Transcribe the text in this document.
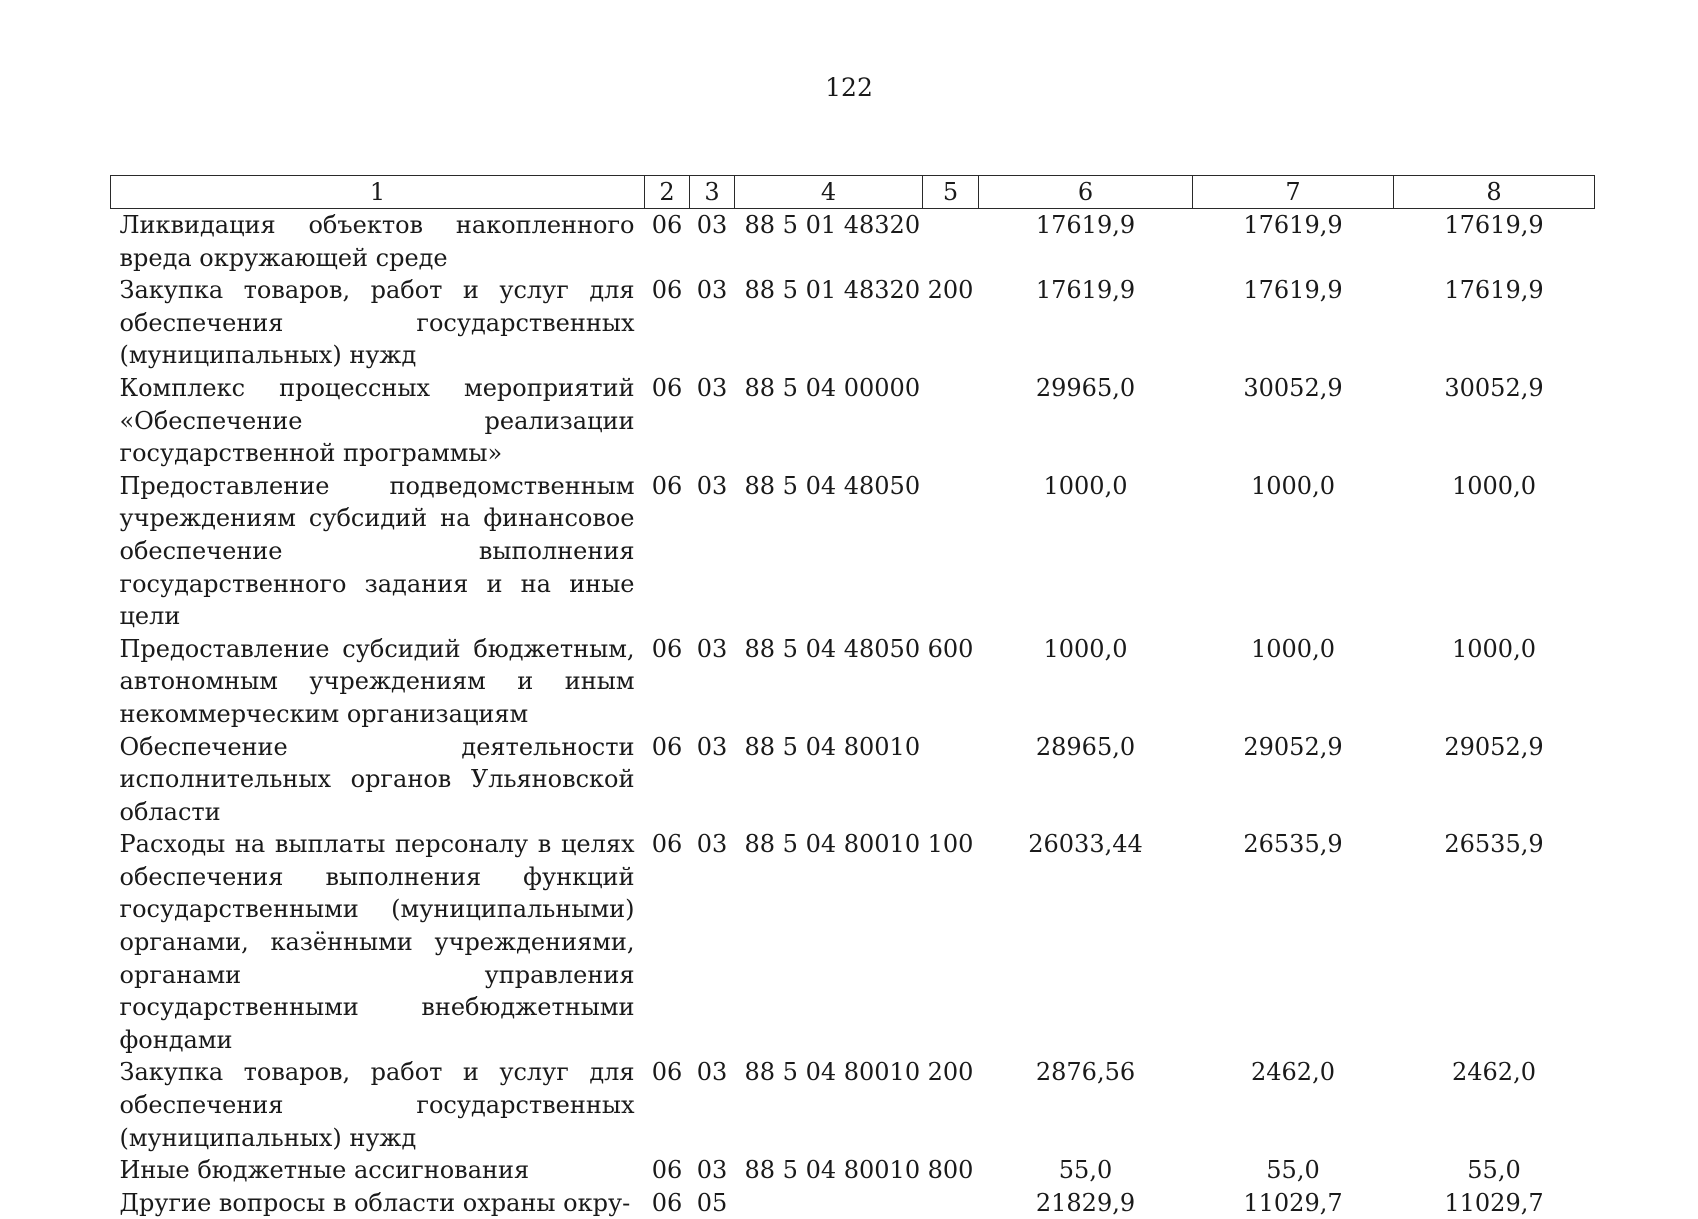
122
1	2	3	4	5	6	7	8
Ликвидация объектов накопленного вреда окружающей среде	06	03	88 5 01 48320		17619,9	17619,9	17619,9
Закупка товаров, работ и услуг для обеспечения государственных (муниципальных) нужд	06	03	88 5 01 48320	200	17619,9	17619,9	17619,9
Комплекс процессных мероприятий «Обеспечение реализации государственной программы»	06	03	88 5 04 00000		29965,0	30052,9	30052,9
Предоставление подведомственным учреждениям субсидий на финансовое обеспечение выполнения государственного задания и на иные цели	06	03	88 5 04 48050		1000,0	1000,0	1000,0
Предоставление субсидий бюджетным, автономным учреждениям и иным некоммерческим организациям	06	03	88 5 04 48050	600	1000,0	1000,0	1000,0
Обеспечение деятельности исполнительных органов Ульяновской области	06	03	88 5 04 80010		28965,0	29052,9	29052,9
Расходы на выплаты персоналу в целях обеспечения выполнения функций государственными (муниципальными) органами, казёнными учреждениями, органами управления государственными внебюджетными фондами	06	03	88 5 04 80010	100	26033,44	26535,9	26535,9
Закупка товаров, работ и услуг для обеспечения государственных (муниципальных) нужд	06	03	88 5 04 80010	200	2876,56	2462,0	2462,0
Иные бюджетные ассигнования	06	03	88 5 04 80010	800	55,0	55,0	55,0
Другие вопросы в области охраны окру-	06	05			21829,9	11029,7	11029,7
